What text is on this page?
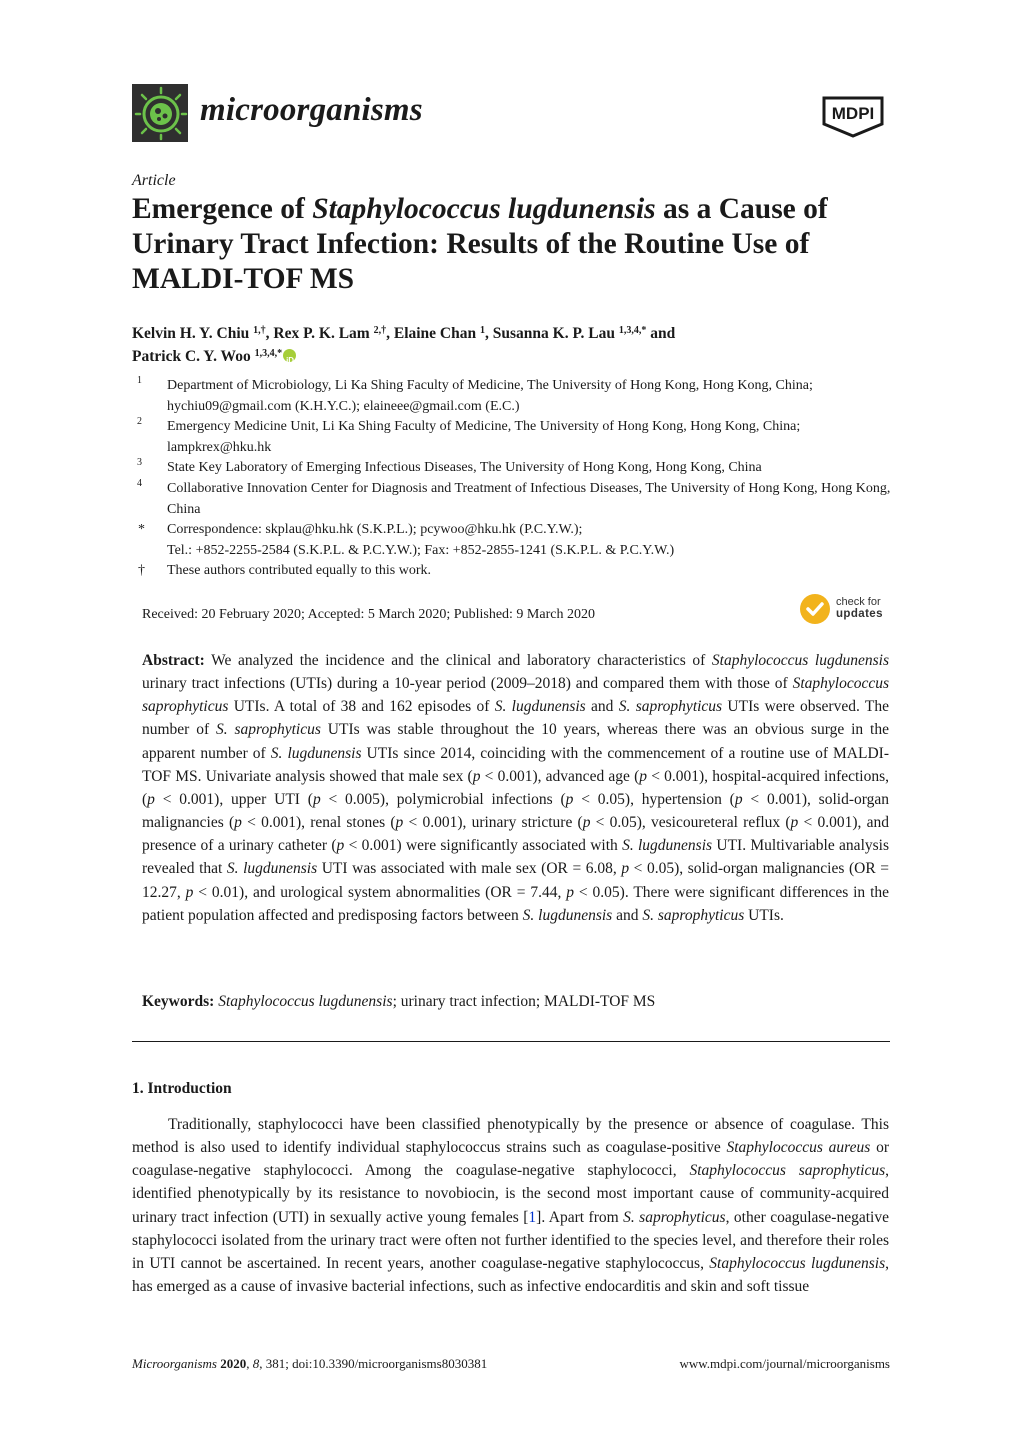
microorganisms	MDPI
Article
Emergence of Staphylococcus lugdunensis as a Cause of Urinary Tract Infection: Results of the Routine Use of MALDI-TOF MS
Kelvin H. Y. Chiu $^{1,\dagger}$, Rex P. K. Lam $^{2,\dagger}$, Elaine Chan $^1$, Susanna K. P. Lau $^{1,3,4,*}$ and
Patrick C. Y. Woo $^{1,3,4,*}$
iD
1 Department of Microbiology, Li Ka Shing Faculty of Medicine, The University of Hong Kong, Hong Kong, China; hychiu09@gmail.com (K.H.Y.C.); elaineee@gmail.com (E.C.)
2 Emergency Medicine Unit, Li Ka Shing Faculty of Medicine, The University of Hong Kong, Hong Kong, China; lampkrex@hku.hk
3 State Key Laboratory of Emerging Infectious Diseases, The University of Hong Kong, Hong Kong, China
4 Collaborative Innovation Center for Diagnosis and Treatment of Infectious Diseases, The University of Hong Kong, Hong Kong, China
* Correspondence: skplau@hku.hk (S.K.P.L.); pcywoo@hku.hk (P.C.Y.W.);
Tel.: +852-2255-2584 (S.K.P.L. & P.C.Y.W.); Fax: +852-2855-1241 (S.K.P.L. & P.C.Y.W.)
† These authors contributed equally to this work.
Received: 20 February 2020; Accepted: 5 March 2020; Published: 9 March 2020
check for
updates
Abstract: We analyzed the incidence and the clinical and laboratory characteristics of Staphylococcus lugdunensis urinary tract infections (UTIs) during a 10-year period (2009–2018) and compared them with those of Staphylococcus saprophyticus UTIs. A total of 38 and 162 episodes of S. lugdunensis and S. saprophyticus UTIs were observed. The number of S. saprophyticus UTIs was stable throughout the 10 years, whereas there was an obvious surge in the apparent number of S. lugdunensis UTIs since 2014, coinciding with the commencement of a routine use of MALDI-TOF MS. Univariate analysis showed that male sex (p < 0.001), advanced age (p < 0.001), hospital-acquired infections, (p < 0.001), upper UTI (p < 0.005), polymicrobial infections (p < 0.05), hypertension (p < 0.001), solid-organ malignancies (p < 0.001), renal stones (p < 0.001), urinary stricture (p < 0.05), vesicoureteral reflux (p < 0.001), and presence of a urinary catheter (p < 0.001) were significantly associated with S. lugdunensis UTI. Multivariable analysis revealed that S. lugdunensis UTI was associated with male sex (OR = 6.08, p < 0.05), solid-organ malignancies (OR = 12.27, p < 0.01), and urological system abnormalities (OR = 7.44, p < 0.05). There were significant differences in the patient population affected and predisposing factors between S. lugdunensis and S. saprophyticus UTIs.
Keywords: Staphylococcus lugdunensis; urinary tract infection; MALDI-TOF MS
1. Introduction
Traditionally, staphylococci have been classified phenotypically by the presence or absence of coagulase. This method is also used to identify individual staphylococcus strains such as coagulase-positive Staphylococcus aureus or coagulase-negative staphylococci. Among the coagulase-negative staphylococci, Staphylococcus saprophyticus, identified phenotypically by its resistance to novobiocin, is the second most important cause of community-acquired urinary tract infection (UTI) in sexually active young females [1]. Apart from S. saprophyticus, other coagulase-negative staphylococci isolated from the urinary tract were often not further identified to the species level, and therefore their roles in UTI cannot be ascertained. In recent years, another coagulase-negative staphylococcus, Staphylococcus lugdunensis, has emerged as a cause of invasive bacterial infections, such as infective endocarditis and skin and soft tissue
Microorganisms 2020, 8, 381; doi:10.3390/microorganisms8030381	www.mdpi.com/journal/microorganisms
